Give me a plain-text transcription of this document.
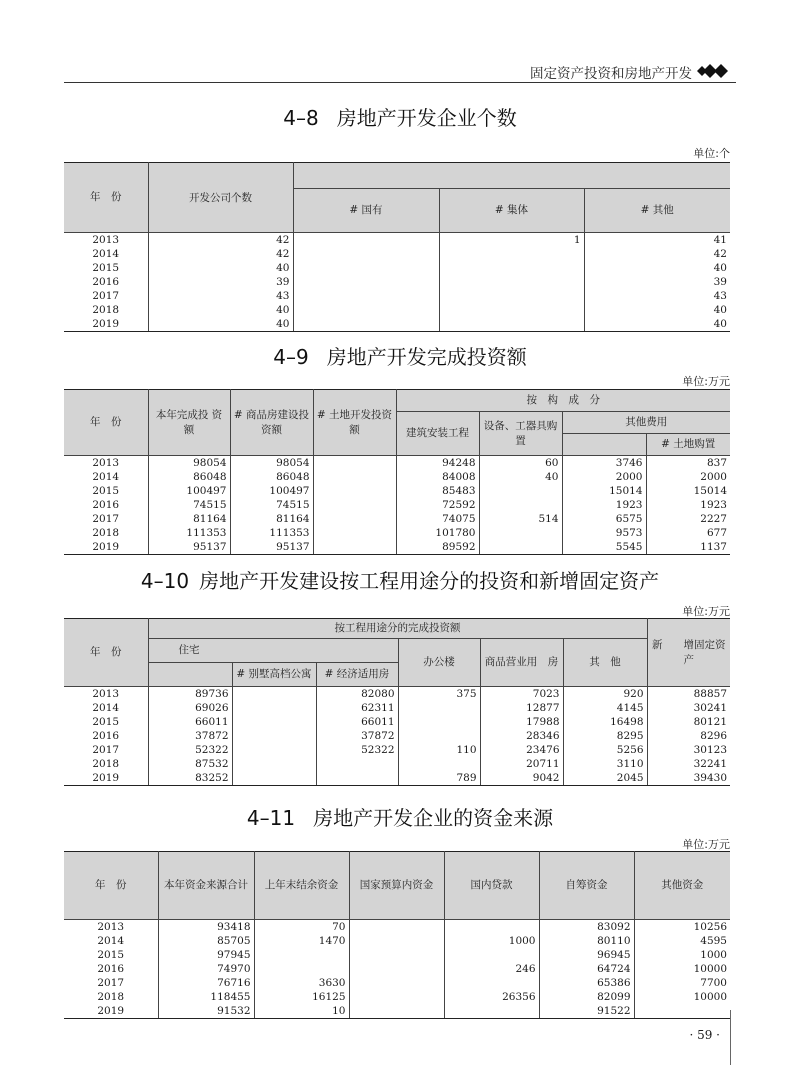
固定资产投资和房地产开发
4–8 房地产开发企业个数
单位:个
年　份	开发公司个数			
		# 国有	# 集体	# 其他
2013	42		1	41
2014	42			42
2015	40			40
2016	39			39
2017	43			43
2018	40			40
2019	40			40
4–9 房地产开发完成投资额
单位:万元
年　份	本年完成投 资 额	# 商品房建设投资额	# 土地开发投资额	按　构　成　分			
				建筑安装工程	设备、工器具购置	其他费用	
							# 土地购置
2013	98054	98054		94248	60	3746	837
2014	86048	86048		84008	40	2000	2000
2015	100497	100497		85483		15014	15014
2016	74515	74515		72592		1923	1923
2017	81164	81164		74075	514	6575	2227
2018	111353	111353		101780		9573	677
2019	95137	95137		89592		5545	1137
4–10 房地产开发建设按工程用途分的投资和新增固定资产
单位:万元
年　份	按工程用途分的完成投资额						新　　增固定资产
	住宅			办公楼	商品营业用　房	其　他	
		# 别墅高档公寓	# 经济适用房				
2013	89736		82080	375	7023	920	88857
2014	69026		62311		12877	4145	30241
2015	66011		66011		17988	16498	80121
2016	37872		37872		28346	8295	8296
2017	52322		52322	110	23476	5256	30123
2018	87532				20711	3110	32241
2019	83252			789	9042	2045	39430
4–11 房地产开发企业的资金来源
单位:万元
年　份	本年资金来源合计	上年末结余资金	国家预算内资金	国内贷款	自筹资金	其他资金
2013	93418	70			83092	10256
2014	85705	1470		1000	80110	4595
2015	97945				96945	1000
2016	74970			246	64724	10000
2017	76716	3630			65386	7700
2018	118455	16125		26356	82099	10000
2019	91532	10			91522	
· 59 ·
